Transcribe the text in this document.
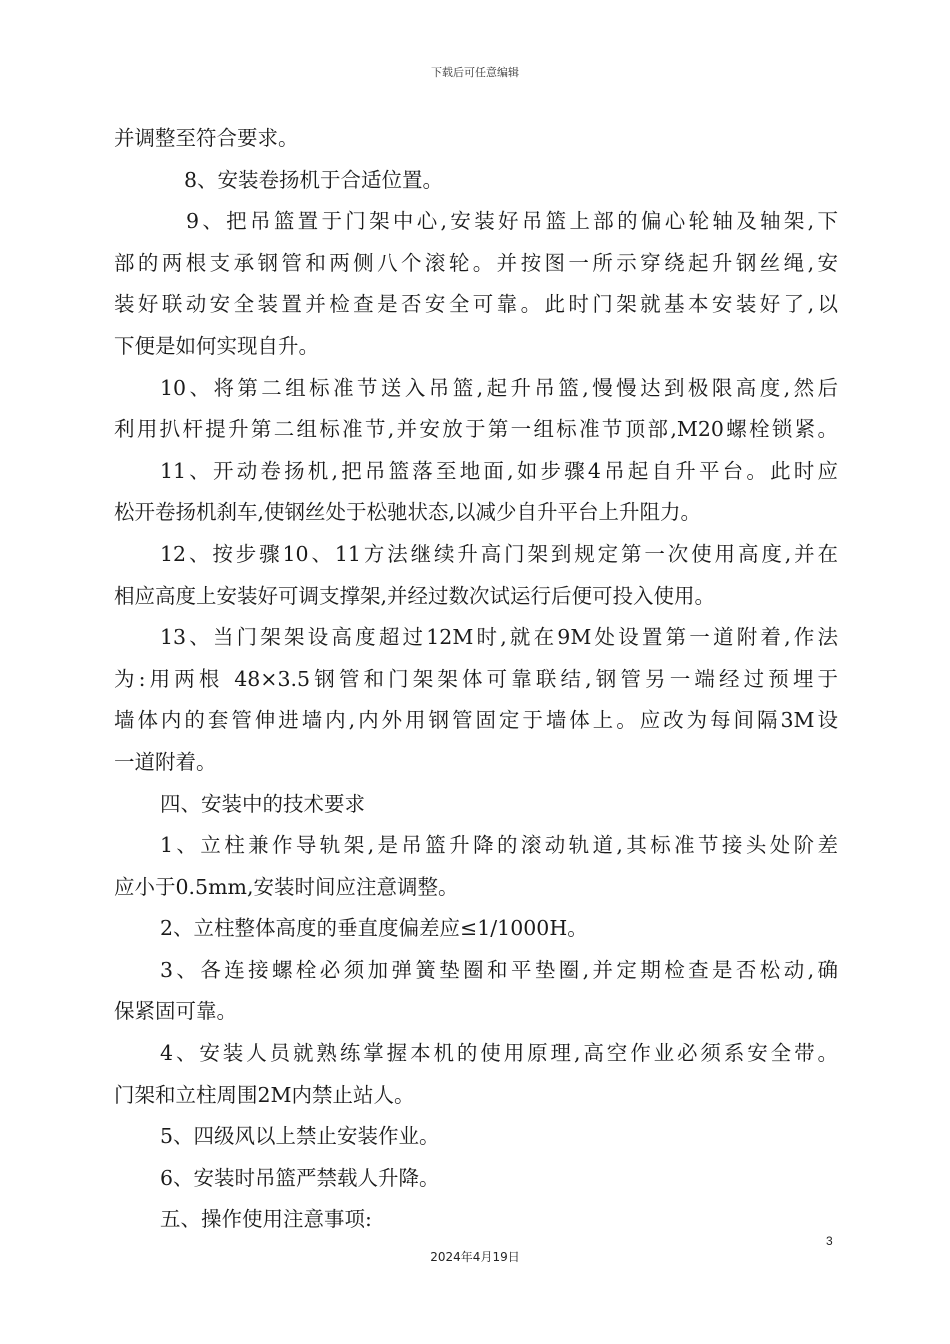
下载后可任意编辑
并调整至符合要求。
8、安装卷扬机于合适位置。
9、把吊篮置于门架中心,安装好吊篮上部的偏心轮轴及轴架,下
部的两根支承钢管和两侧八个滚轮。并按图一所示穿绕起升钢丝绳,安
装好联动安全装置并检查是否安全可靠。此时门架就基本安装好了,以
下便是如何实现自升。
10、将第二组标准节送入吊篮,起升吊篮,慢慢达到极限高度,然后
利用扒杆提升第二组标准节,并安放于第一组标准节顶部,M20螺栓锁紧。
11、开动卷扬机,把吊篮落至地面,如步骤4吊起自升平台。此时应
松开卷扬机刹车,使钢丝处于松驰状态,以减少自升平台上升阻力。
12、按步骤10、11方法继续升高门架到规定第一次使用高度,并在
相应高度上安装好可调支撑架,并经过数次试运行后便可投入使用。
13、当门架架设高度超过12M时,就在9M处设置第一道附着,作法
为:用两根 48×3.5钢管和门架架体可靠联结,钢管另一端经过预埋于
墙体内的套管伸进墙内,内外用钢管固定于墙体上。应改为每间隔3M设
一道附着。
四、安装中的技术要求
1、立柱兼作导轨架,是吊篮升降的滚动轨道,其标准节接头处阶差
应小于0.5mm,安装时间应注意调整。
2、立柱整体高度的垂直度偏差应≤1/1000H。
3、各连接螺栓必须加弹簧垫圈和平垫圈,并定期检查是否松动,确
保紧固可靠。
4、安装人员就熟练掌握本机的使用原理,高空作业必须系安全带。
门架和立柱周围2M内禁止站人。
5、四级风以上禁止安装作业。
6、安装时吊篮严禁载人升降。
五、操作使用注意事项:
3
2024年4月19日
